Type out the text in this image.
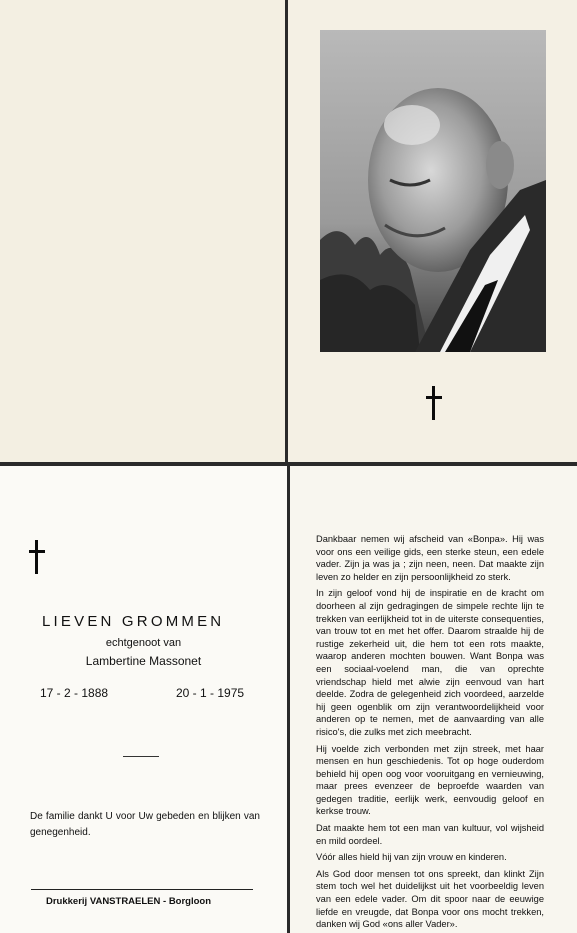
LIEVEN GROMMEN
echtgenoot van
Lambertine Massonet
17 - 2 - 1888	20 - 1 - 1975
De familie dankt U voor Uw gebeden en blijken van genegenheid.
Drukkerij VANSTRAELEN - Borgloon

Dankbaar nemen wij afscheid van «Bonpa». Hij was voor ons een veilige gids, een sterke steun, een edele vader. Zijn ja was ja ; zijn neen, neen. Dat maakte zijn leven zo helder en zijn persoonlijkheid zo sterk.

In zijn geloof vond hij de inspiratie en de kracht om doorheen al zijn gedragingen de simpele rechte lijn te trekken van eerlijkheid tot in de uiterste consequenties, van trouw tot en met het offer. Daarom straalde hij de rustige zekerheid uit, die hem tot een rots maakte, waarop anderen mochten bouwen. Want Bonpa was een sociaal-voelend man, die van oprechte vriendschap hield met alwie zijn eenvoud van hart deelde. Zodra de gelegenheid zich voordeed, aarzelde hij geen ogenblik om zijn verantwoordelijkheid voor anderen op te nemen, met de aanvaarding van alle risico's, die zulks met zich meebracht.

Hij voelde zich verbonden met zijn streek, met haar mensen en hun geschiedenis. Tot op hoge ouderdom behield hij open oog voor vooruitgang en vernieuwing, maar prees evenzeer de beproefde waarden van gedegen traditie, eerlijk werk, eenvoudig geloof en kerkse trouw.

Dat maakte hem tot een man van kultuur, vol wijsheid en mild oordeel.

Vóór alles hield hij van zijn vrouw en kinderen.

Als God door mensen tot ons spreekt, dan klinkt Zijn stem toch wel het duidelijkst uit het voorbeeldig leven van een edele vader. Om dit spoor naar de eeuwige liefde en vreugde, dat Bonpa voor ons mocht trekken, danken wij God «ons aller Vader».
